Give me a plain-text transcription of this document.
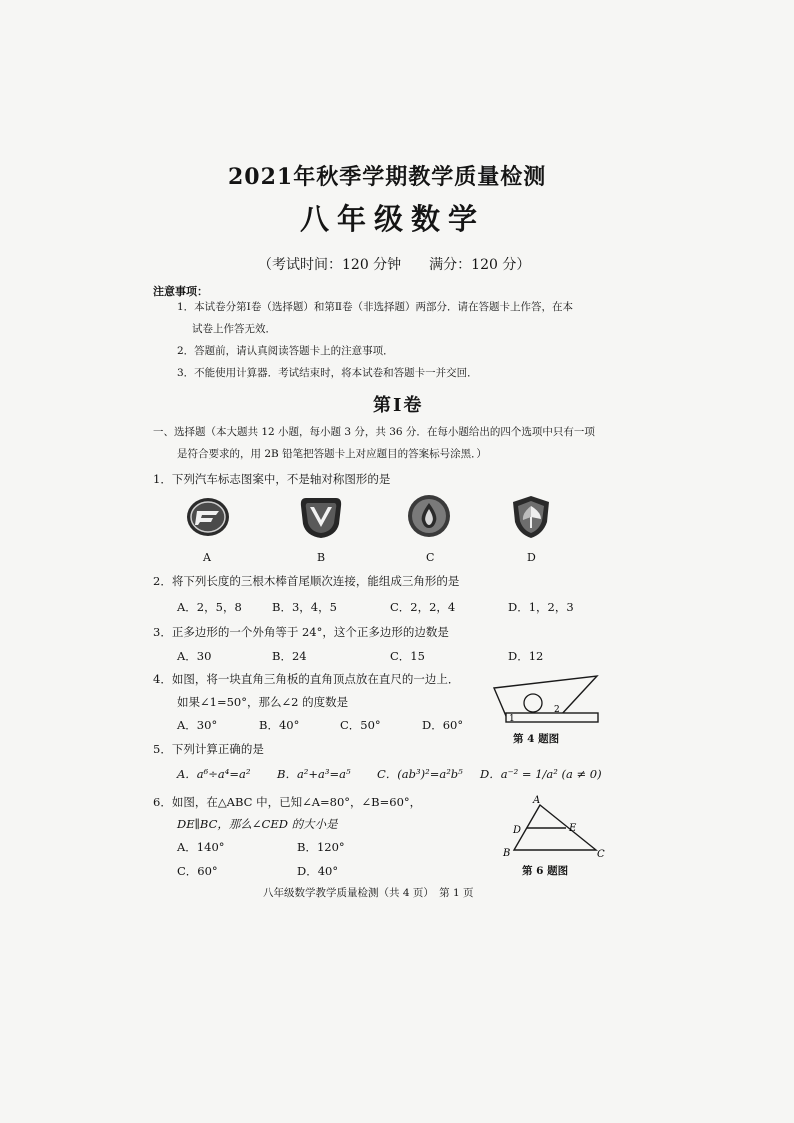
2021年秋季学期教学质量检测
八年级数学
（考试时间：120 分钟　　满分：120 分）
注意事项：
1．本试卷分第Ⅰ卷（选择题）和第Ⅱ卷（非选择题）两部分．请在答题卡上作答，在本
试卷上作答无效．
2．答题前，请认真阅读答题卡上的注意事项．
3．不能使用计算器．考试结束时，将本试卷和答题卡一并交回．
第Ⅰ卷
一、选择题（本大题共 12 小题，每小题 3 分，共 36 分．在每小题给出的四个选项中只有一项
是符合要求的，用 2B 铅笔把答题卡上对应题目的答案标号涂黑．）
1．下列汽车标志图案中，不是轴对称图形的是
A	B	C	D
2．将下列长度的三根木棒首尾顺次连接，能组成三角形的是
A．2，5，8	B．3，4，5	C．2，2，4	D．1，2，3
3．正多边形的一个外角等于 24°，这个正多边形的边数是
A．30	B．24	C．15	D．12
4．如图，将一块直角三角板的直角顶点放在直尺的一边上．
如果∠1=50°，那么∠2 的度数是
A．30°	B．40°	C．50°	D．60°	1
2
第 4 题图
5．下列计算正确的是
A．a⁶÷a⁴=a² B．a²+a³=a⁵ C．(ab³)²=a²b⁵ D．a⁻² = 1/a² (a ≠ 0)
6．如图，在△ABC 中，已知∠A=80°，∠B=60°，
DE∥BC，那么∠CED 的大小是
A．140°	B．120°
C．60°	D．40°
A
D	E
B	C
第 6 题图
八年级数学教学质量检测（共 4 页）　第 1 页
